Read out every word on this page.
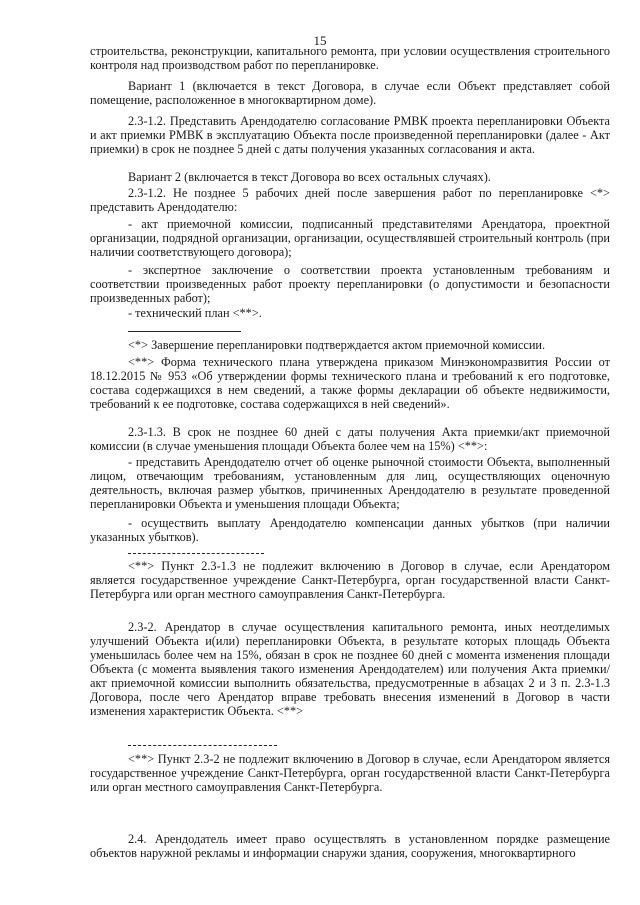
15
строительства, реконструкции, капитального ремонта, при условии осуществления строительного контроля над производством работ по перепланировке.
Вариант 1 (включается в текст Договора, в случае если Объект представляет собой помещение, расположенное в многоквартирном доме).
2.3-1.2. Представить Арендодателю согласование РМВК проекта перепланировки Объекта и акт приемки РМВК в эксплуатацию Объекта после произведенной перепланировки (далее - Акт приемки) в срок не позднее 5 дней с даты получения указанных согласования и акта.
Вариант 2 (включается в текст Договора во всех остальных случаях).
2.3-1.2. Не позднее 5 рабочих дней после завершения работ по перепланировке <*> представить Арендодателю:
- акт приемочной комиссии, подписанный представителями Арендатора, проектной организации, подрядной организации, организации, осуществлявшей строительный контроль (при наличии соответствующего договора);
- экспертное заключение о соответствии проекта установленным требованиям и соответствии произведенных работ проекту перепланировки (о допустимости и безопасности произведенных работ);
- технический план <**>.
<*> Завершение перепланировки подтверждается актом приемочной комиссии.
<**> Форма технического плана утверждена приказом Минэкономразвития России от 18.12.2015 № 953 «Об утверждении формы технического плана и требований к его подготовке, состава содержащихся в нем сведений, а также формы декларации об объекте недвижимости, требований к ее подготовке, состава содержащихся в ней сведений».
2.3-1.3. В срок не позднее 60 дней с даты получения Акта приемки/акт приемочной комиссии (в случае уменьшения площади Объекта более чем на 15%) <**>:
- представить Арендодателю отчет об оценке рыночной стоимости Объекта, выполненный лицом, отвечающим требованиям, установленным для лиц, осуществляющих оценочную деятельность, включая размер убытков, причиненных Арендодателю в результате проведенной перепланировки Объекта и уменьшения площади Объекта;
- осуществить выплату Арендодателю компенсации данных убытков (при наличии указанных убытков).
<**> Пункт 2.3-1.3 не подлежит включению в Договор в случае, если Арендатором является государственное учреждение Санкт-Петербурга, орган государственной власти Санкт-Петербурга или орган местного самоуправления Санкт-Петербурга.
2.3-2. Арендатор в случае осуществления капитального ремонта, иных неотделимых улучшений Объекта и(или) перепланировки Объекта, в результате которых площадь Объекта уменьшилась более чем на 15%, обязан в срок не позднее 60 дней с момента изменения площади Объекта (с момента выявления такого изменения Арендодателем) или получения Акта приемки/акт приемочной комиссии выполнить обязательства, предусмотренные в абзацах 2 и 3 п. 2.3-1.3 Договора, после чего Арендатор вправе требовать внесения изменений в Договор в части изменения характеристик Объекта. <**>
<**> Пункт 2.3-2 не подлежит включению в Договор в случае, если Арендатором является государственное учреждение Санкт-Петербурга, орган государственной власти Санкт-Петербурга или орган местного самоуправления Санкт-Петербурга.
2.4. Арендодатель имеет право осуществлять в установленном порядке размещение объектов наружной рекламы и информации снаружи здания, сооружения, многоквартирного
